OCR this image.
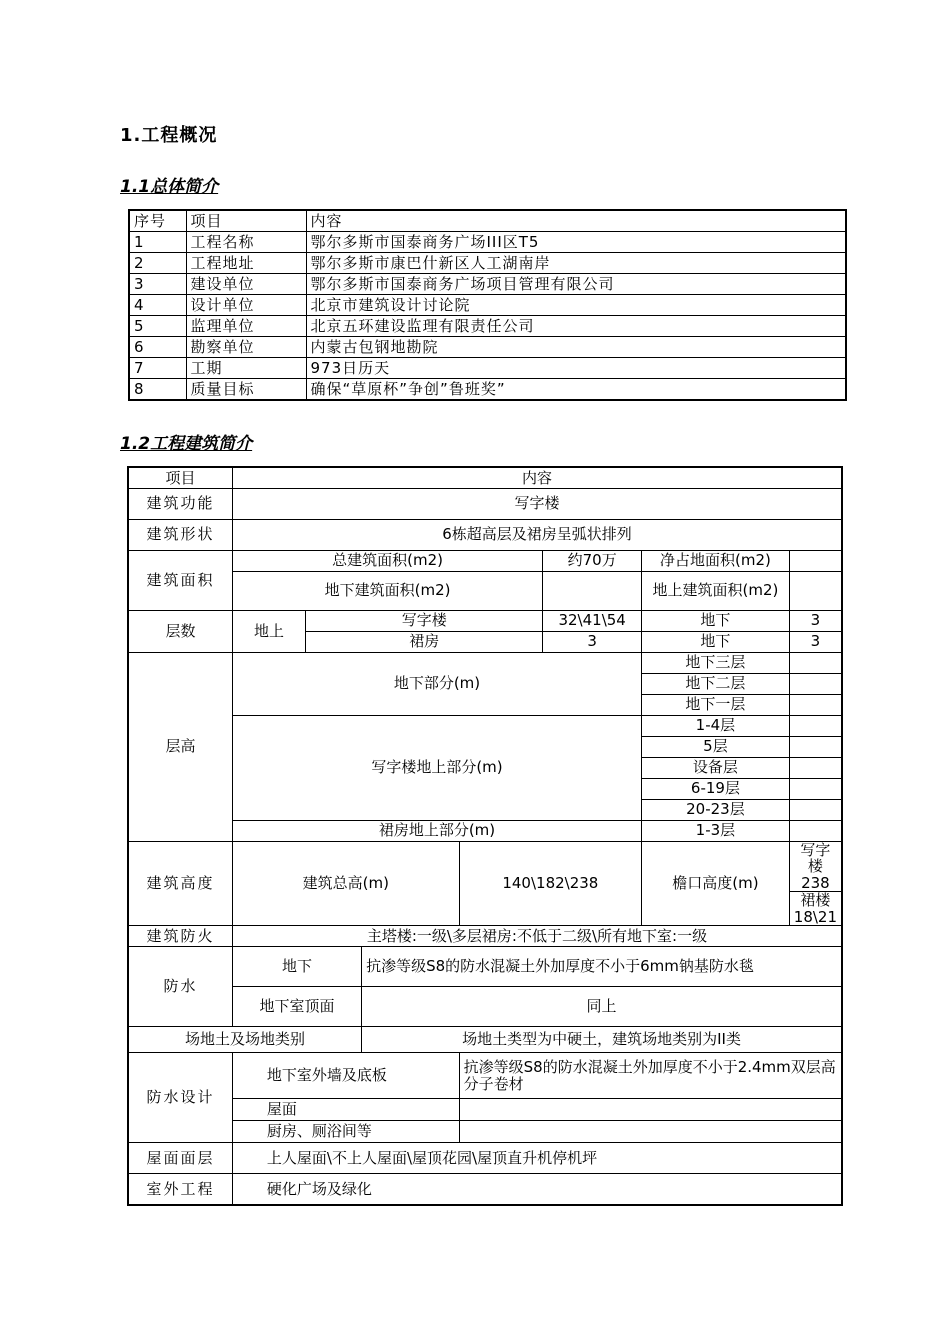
1.工程概况
1.1总体简介
序号	项目	内容
1	工程名称	鄂尔多斯市国泰商务广场III区T5
2	工程地址	鄂尔多斯市康巴什新区人工湖南岸
3	建设单位	鄂尔多斯市国泰商务广场项目管理有限公司
4	设计单位	北京市建筑设计讨论院
5	监理单位	北京五环建设监理有限责任公司
6	勘察单位	内蒙古包钢地勘院
7	工期	973日历天
8	质量目标	确保“草原杯”争创”鲁班奖”
1.2工程建筑简介
项目	内容						
建筑功能	写字楼						
建筑形状	6栋超高层及裙房呈弧状排列						
建筑面积	总建筑面积(m2)				约70万	净占地面积(m2)	
	地下建筑面积(m2)					地上建筑面积(m2)	
层数	地上	写字楼			32\41\54	地下	3
		裙房			3	地下	3
层高	地下部分(m)					地下三层	
						地下二层	
						地下一层	
	写字楼地上部分(m)					1-4层	
						5层	
						设备层	
						6-19层	
						20-23层	
	裙房地上部分(m)					1-3层	
建筑高度	建筑总高(m)			140\182\238		檐口高度(m)	写字楼238
							裙楼18\21
建筑防火	主塔楼:一级\多层裙房:不低于二级\所有地下室:一级						
防水	地下		抗渗等级S8的防水混凝土外加厚度不小于6mm钠基防水毯				
	地下室顶面		同上				
场地土及场地类别			场地土类型为中硬土，建筑场地类别为II类				
防水设计	地下室外墙及底板			抗渗等级S8的防水混凝土外加厚度不小于2.4mm双层高分子卷材			
	屋面						
	厨房、厕浴间等						
屋面面层	上人屋面\不上人屋面\屋顶花园\屋顶直升机停机坪						
室外工程	硬化广场及绿化						
